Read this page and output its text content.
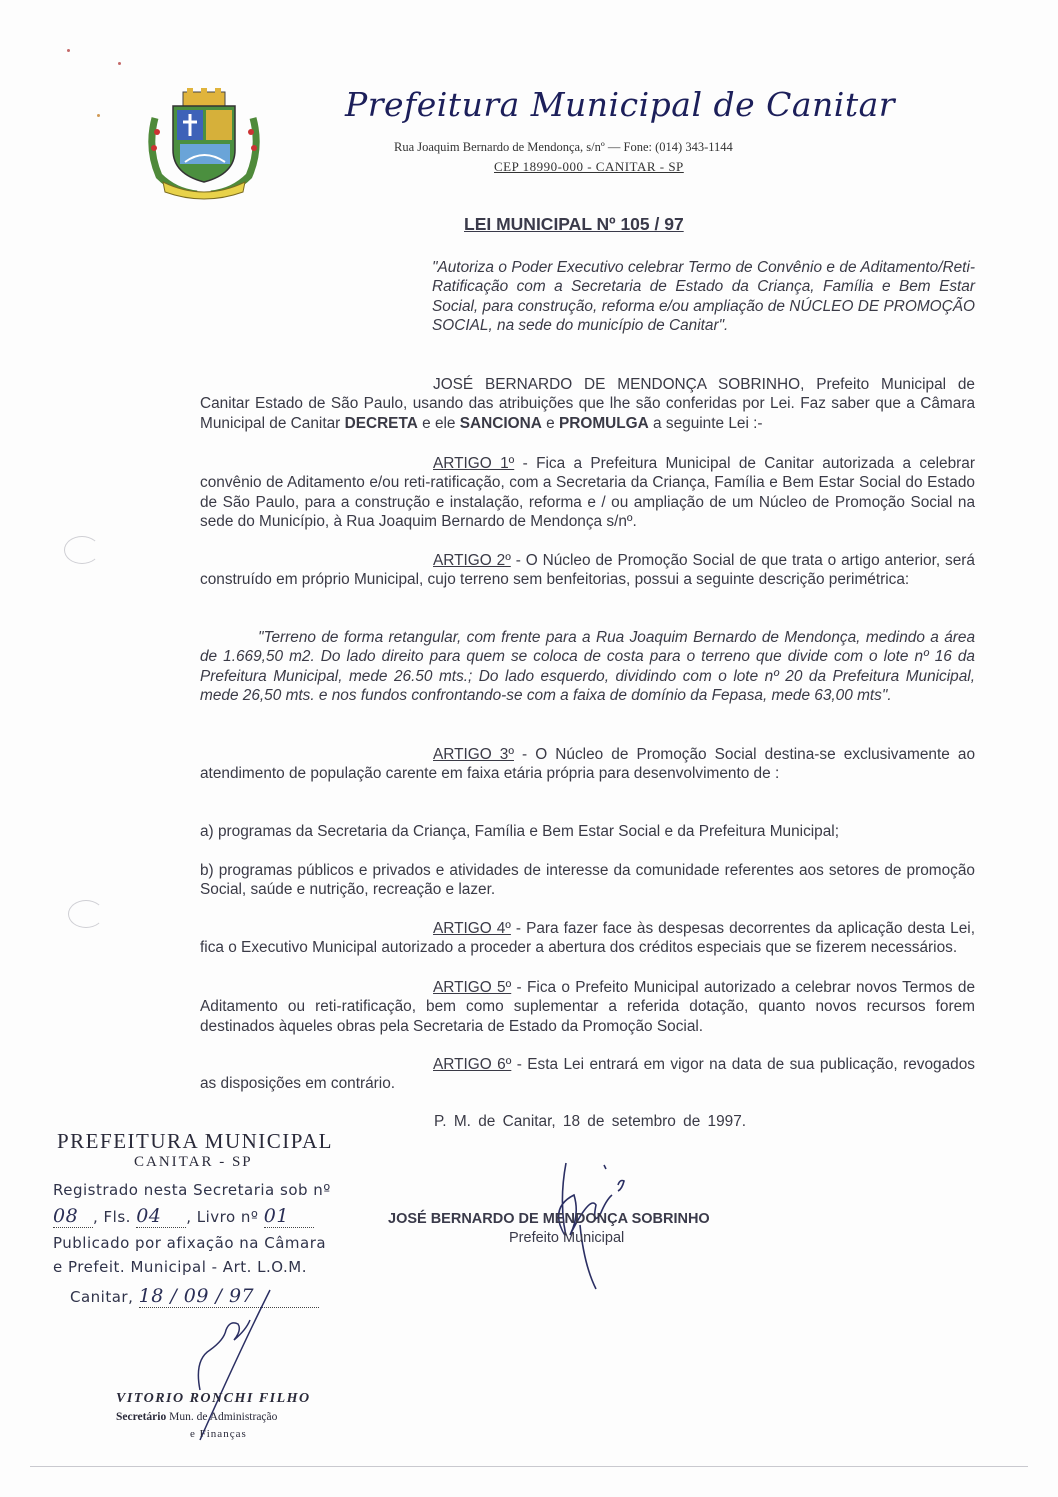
Prefeitura Municipal de Canitar
Rua Joaquim Bernardo de Mendonça, s/nº — Fone: (014) 343-1144
CEP 18990-000 - CANITAR - SP
LEI MUNICIPAL Nº 105 / 97
"Autoriza o Poder Executivo celebrar Termo de Convênio e de Aditamento/Reti-Ratificação com a Secretaria de Estado da Criança, Família e Bem Estar Social, para construção, reforma e/ou ampliação de NÚCLEO DE PROMOÇÃO SOCIAL, na sede do município de Canitar".

JOSÉ BERNARDO DE MENDONÇA SOBRINHO, Prefeito Municipal de Canitar Estado de São Paulo, usando das atribuições que lhe são conferidas por Lei. Faz saber que a Câmara Municipal de Canitar DECRETA e ele SANCIONA e PROMULGA a seguinte Lei :-

ARTIGO 1º - Fica a Prefeitura Municipal de Canitar autorizada a celebrar convênio de Aditamento e/ou reti-ratificação, com a Secretaria da Criança, Família e Bem Estar Social do Estado de São Paulo, para a construção e instalação, reforma e / ou ampliação de um Núcleo de Promoção Social na sede do Município, à Rua Joaquim Bernardo de Mendonça s/nº.

ARTIGO 2º - O Núcleo de Promoção Social de que trata o artigo anterior, será construído em próprio Municipal, cujo terreno sem benfeitorias, possui a seguinte descrição perimétrica:

"Terreno de forma retangular, com frente para a Rua Joaquim Bernardo de Mendonça, medindo a área de 1.669,50 m2. Do lado direito para quem se coloca de costa para o terreno que divide com o lote nº 16 da Prefeitura Municipal, mede 26.50 mts.; Do lado esquerdo, dividindo com o lote nº 20 da Prefeitura Municipal, mede 26,50 mts. e nos fundos confrontando-se com a faixa de domínio da Fepasa, mede 63,00 mts".

ARTIGO 3º - O Núcleo de Promoção Social destina-se exclusivamente ao atendimento de população carente em faixa etária própria para desenvolvimento de :

a) programas da Secretaria da Criança, Família e Bem Estar Social e da Prefeitura Municipal;

b) programas públicos e privados e atividades de interesse da comunidade referentes aos setores de promoção Social, saúde e nutrição, recreação e lazer.

ARTIGO 4º - Para fazer face às despesas decorrentes da aplicação desta Lei, fica o Executivo Municipal autorizado a proceder a abertura dos créditos especiais que se fizerem necessários.

ARTIGO 5º - Fica o Prefeito Municipal autorizado a celebrar novos Termos de Aditamento ou reti-ratificação, bem como suplementar a referida dotação, quanto novos recursos forem destinados àqueles obras pela Secretaria de Estado da Promoção Social.

ARTIGO 6º - Esta Lei entrará em vigor na data de sua publicação, revogados as disposições em contrário.

P. M. de Canitar, 18 de setembro de 1997.
JOSÉ BERNARDO DE MENDONÇA SOBRINHO
Prefeito Municipal
PREFEITURA MUNICIPAL
CANITAR - SP
Registrado nesta Secretaria sob nº
08 , Fls. 04 , Livro nº 01
Publicado por afixação na Câmara
e Prefeit. Municipal - Art. L.O.M.
Canitar, 18 / 09 / 97
VITORIO RONCHI FILHO
Secretário Mun. de Administração
e Finanças
